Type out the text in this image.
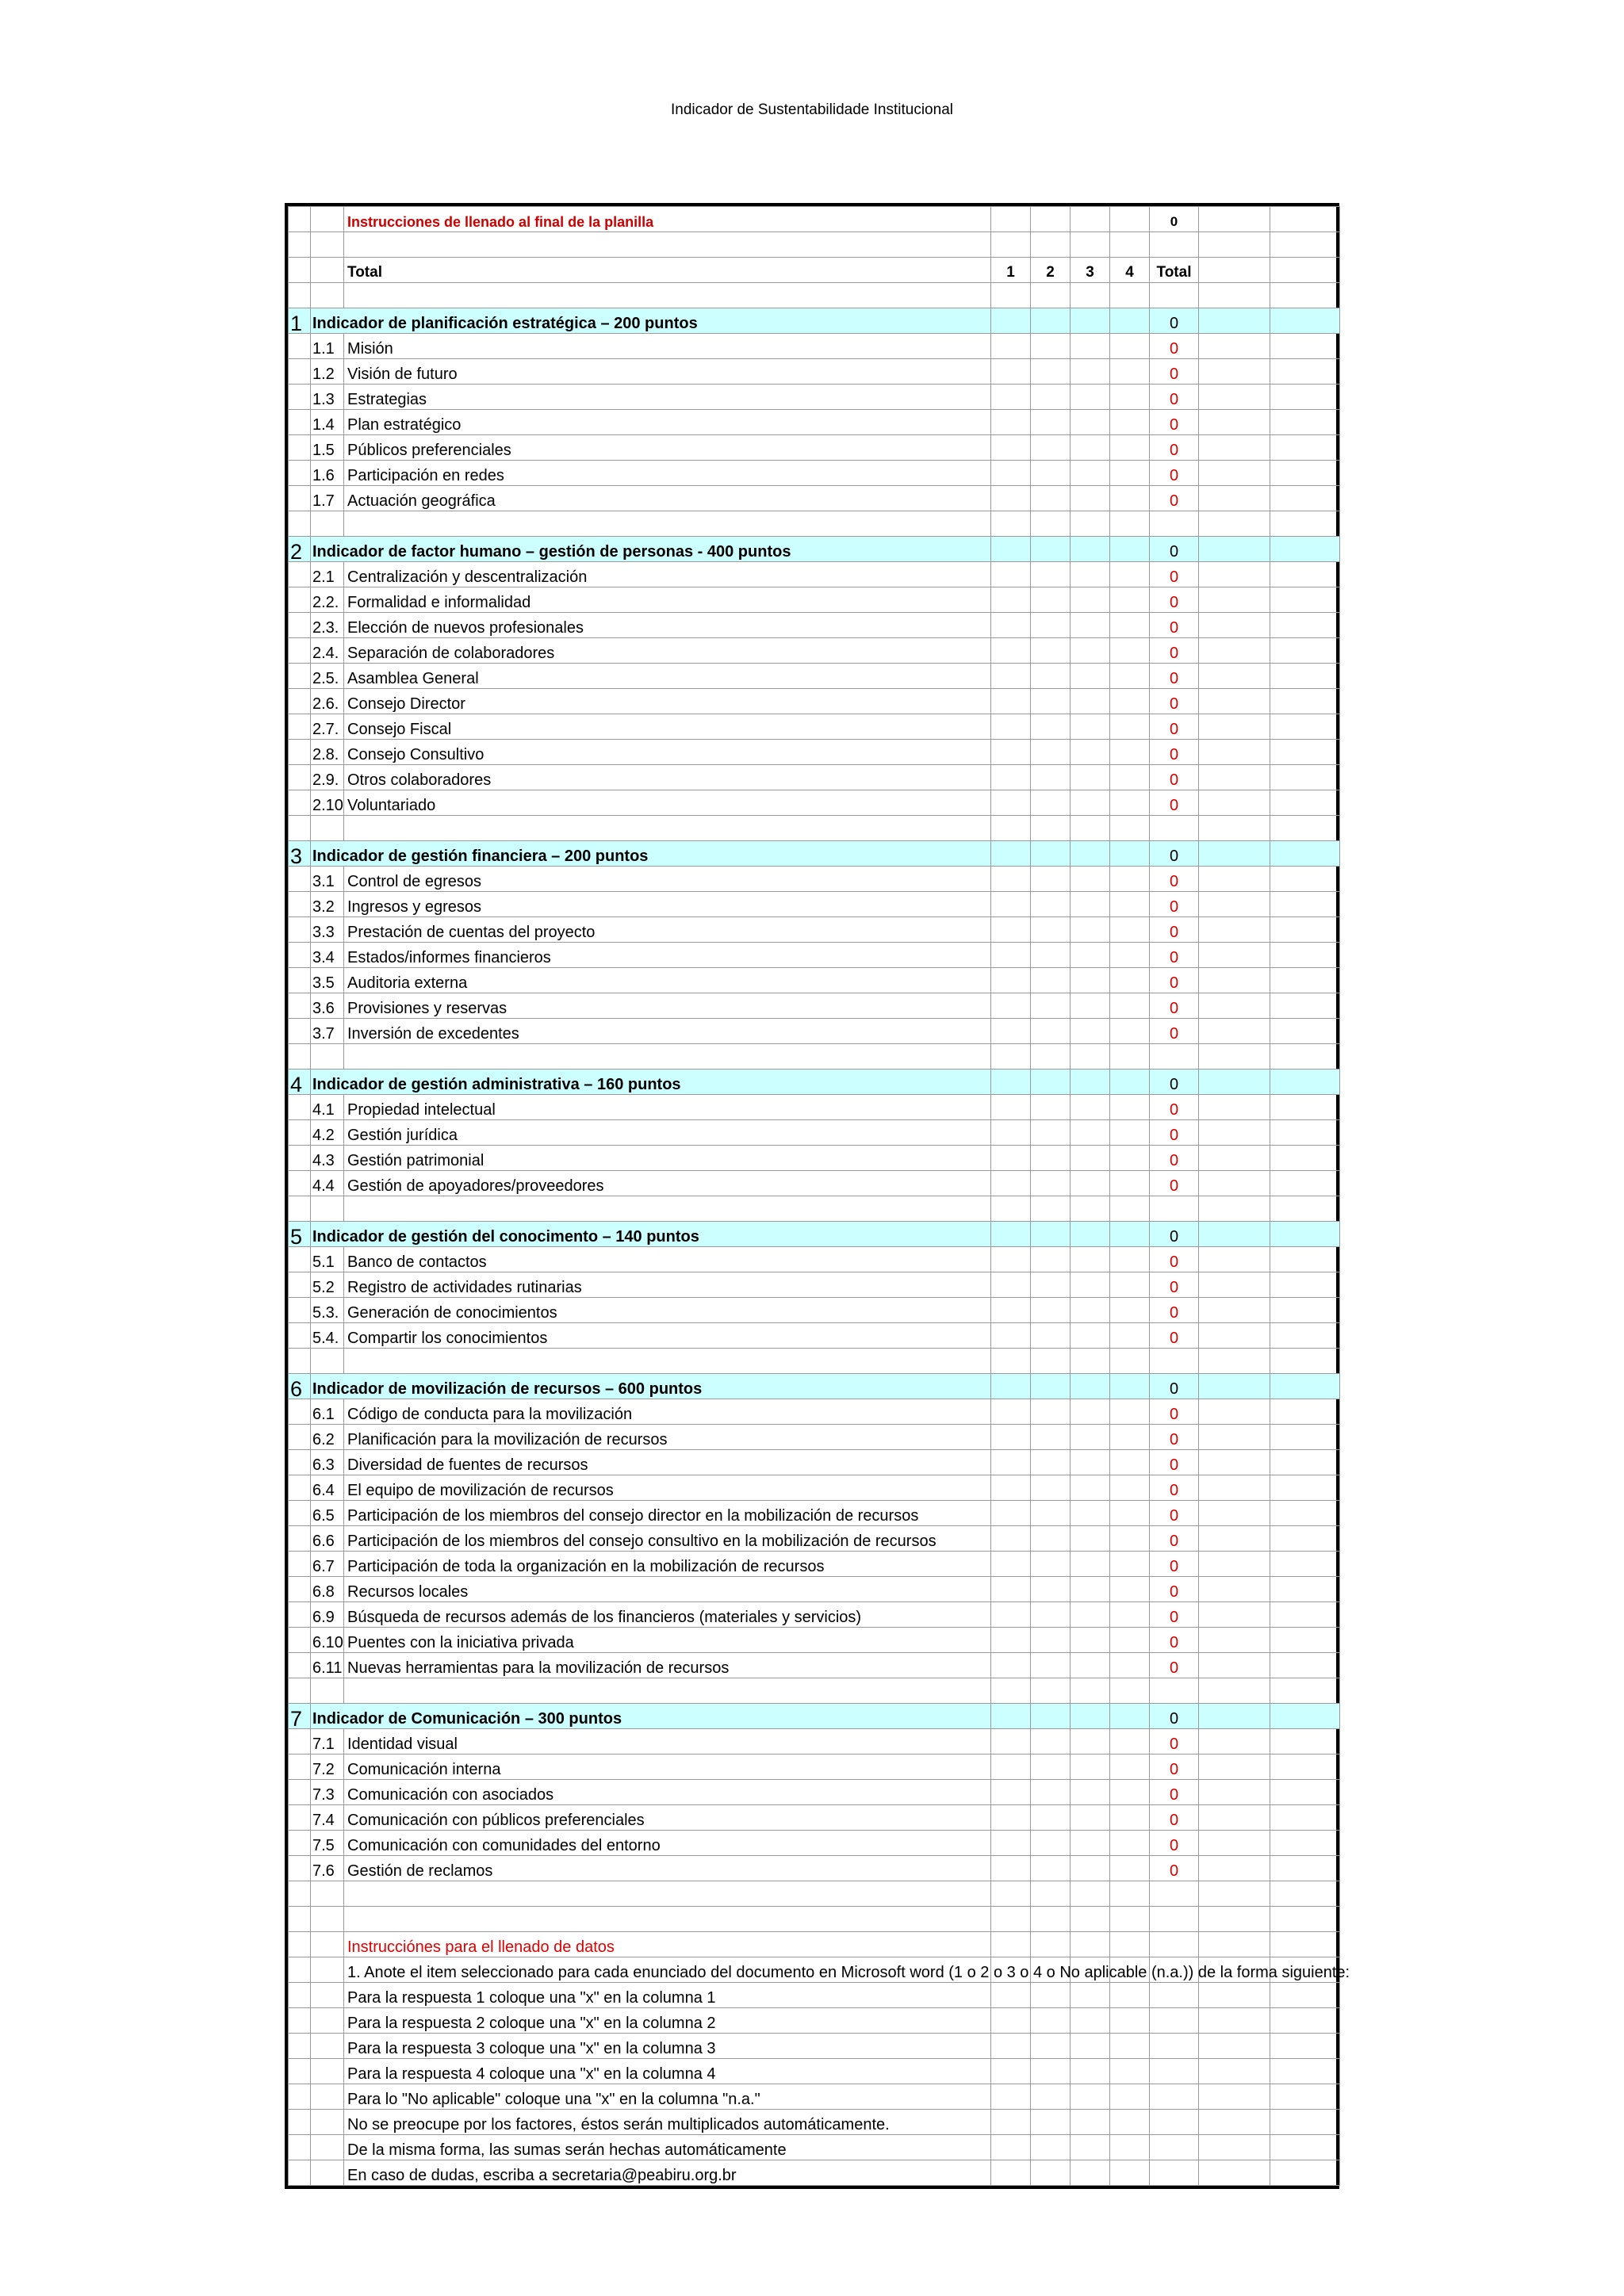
Indicador de Sustentabilidade Institucional
		Instrucciones de llenado al final de la planilla					0		

		Total	1	2	3	4	Total		

1	Indicador de planificación estratégica – 200 puntos						0		
	1.1	Misión					0		
	1.2	Visión de futuro					0		
	1.3	Estrategias					0		
	1.4	Plan estratégico					0		
	1.5	Públicos preferenciales					0		
	1.6	Participación en redes					0		
	1.7	Actuación geográfica					0		

2	Indicador de factor humano – gestión de personas - 400 puntos						0		
	2.1	Centralización y descentralización					0		
	2.2.	Formalidad e informalidad					0		
	2.3.	Elección de nuevos profesionales					0		
	2.4.	Separación de colaboradores					0		
	2.5.	Asamblea General					0		
	2.6.	Consejo Director					0		
	2.7.	Consejo Fiscal					0		
	2.8.	Consejo Consultivo					0		
	2.9.	Otros colaboradores					0		
	2.10	Voluntariado					0		

3	Indicador de gestión financiera – 200 puntos						0		
	3.1	Control de egresos					0		
	3.2	Ingresos y egresos					0		
	3.3	Prestación de cuentas del proyecto					0		
	3.4	Estados/informes financieros					0		
	3.5	Auditoria externa					0		
	3.6	Provisiones y reservas					0		
	3.7	Inversión de excedentes					0		

4	Indicador de gestión administrativa – 160 puntos						0		
	4.1	Propiedad intelectual					0		
	4.2	Gestión jurídica					0		
	4.3	Gestión patrimonial					0		
	4.4	Gestión de apoyadores/proveedores					0		

5	Indicador de gestión del conocimento – 140 puntos						0		
	5.1	Banco de contactos					0		
	5.2	Registro de actividades rutinarias					0		
	5.3.	Generación de conocimientos					0		
	5.4.	Compartir los conocimientos					0		

6	Indicador de movilización de recursos – 600 puntos						0		
	6.1	Código de conducta para la movilización					0		
	6.2	Planificación para la movilización de recursos					0		
	6.3	Diversidad de fuentes de recursos					0		
	6.4	El equipo de movilización de recursos					0		
	6.5	Participación de los miembros del consejo director en la mobilización de recursos					0		
	6.6	Participación de los miembros del consejo consultivo en la mobilización de recursos					0		
	6.7	Participación de toda la organización en la mobilización de recursos					0		
	6.8	Recursos locales					0		
	6.9	Búsqueda de recursos además de los financieros (materiales y servicios)					0		
	6.10	Puentes con la iniciativa privada					0		
	6.11	Nuevas herramientas para la movilización de recursos					0		

7	Indicador de Comunicación – 300 puntos						0		
	7.1	Identidad visual					0		
	7.2	Comunicación interna					0		
	7.3	Comunicación con asociados					0		
	7.4	Comunicación con públicos preferenciales					0		
	7.5	Comunicación con comunidades del entorno					0		
	7.6	Gestión de reclamos					0		

		Instrucciónes para el llenado de datos							
		1. Anote el item seleccionado para cada enunciado del documento en Microsoft word (1 o 2 o 3 o 4 o No aplicable (n.a.)) de la forma siguiente:							
		Para la respuesta 1 coloque una "x" en la columna 1							
		Para la respuesta 2 coloque una "x" en la columna 2							
		Para la respuesta 3 coloque una "x" en la columna 3							
		Para la respuesta 4 coloque una "x" en la columna 4							
		Para lo "No aplicable" coloque una "x" en la columna "n.a."							
		No se preocupe por los factores, éstos serán multiplicados automáticamente.							
		De la misma forma, las sumas serán hechas automáticamente							
		En caso de dudas, escriba a secretaria@peabiru.org.br							
